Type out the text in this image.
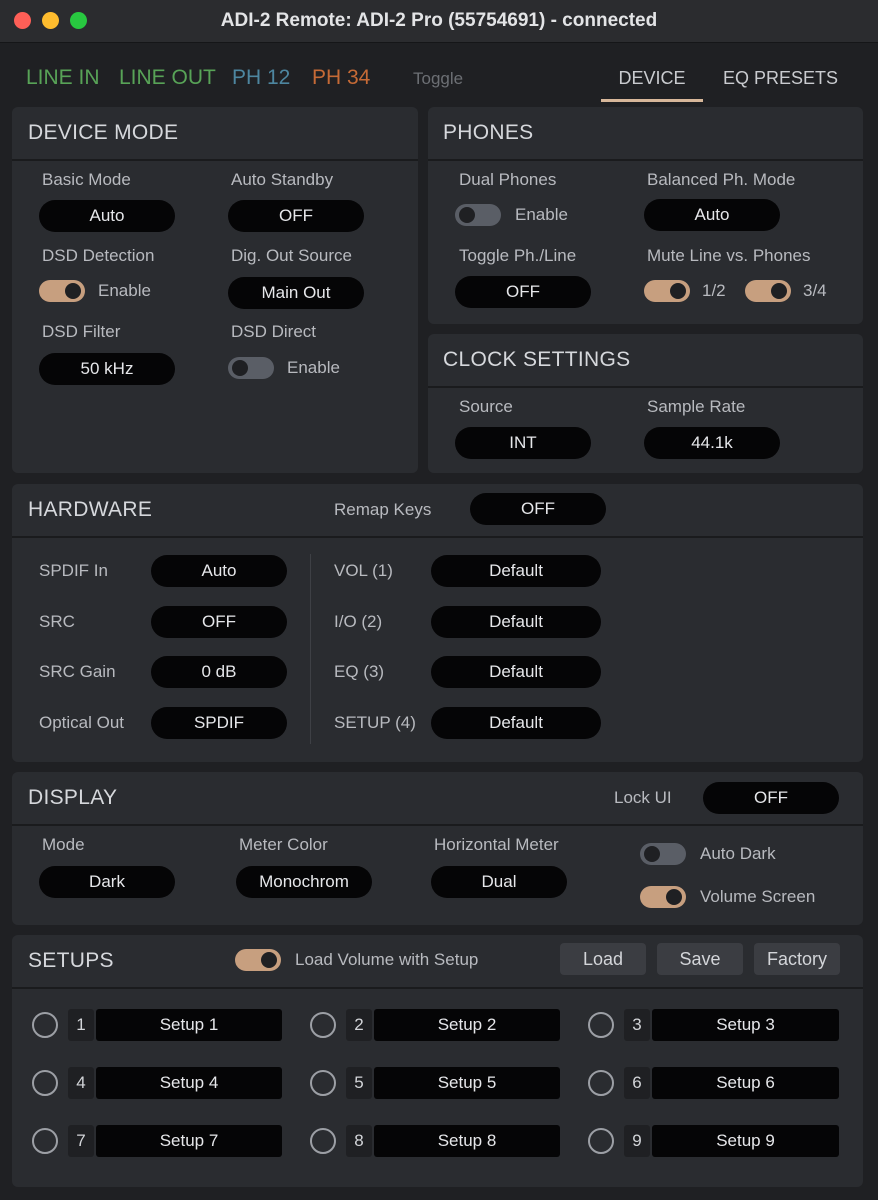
ADI-2 Remote: ADI-2 Pro (55754691) - connected
LINE IN LINE OUT PH 12 PH 34	Toggle	DEVICE	EQ PRESETS
DEVICE MODE
Basic Mode
Auto
Auto Standby
OFF
DSD Detection
Enable
Dig. Out Source
Main Out
DSD Filter
50 kHz
DSD Direct
Enable
PHONES
Dual Phones
Enable
Balanced Ph. Mode
Auto
Toggle Ph./Line
OFF
Mute Line vs. Phones
1/2	3/4
CLOCK SETTINGS
Source
INT
Sample Rate
44.1k
HARDWARE	Remap Keys	OFF
SPDIF In	Auto
SRC	OFF
SRC Gain	0 dB
Optical Out	SPDIF
VOL (1)	Default
I/O (2)	Default
EQ (3)	Default
SETUP (4)	Default
DISPLAY	Lock UI	OFF
Mode
Dark
Meter Color
Monochrom
Horizontal Meter
Dual
Auto Dark
Volume Screen
SETUPS	Load Volume with Setup	Load	Save	Factory
1	Setup 1	2	Setup 2	3	Setup 3
4	Setup 4	5	Setup 5	6	Setup 6
7	Setup 7	8	Setup 8	9	Setup 9
